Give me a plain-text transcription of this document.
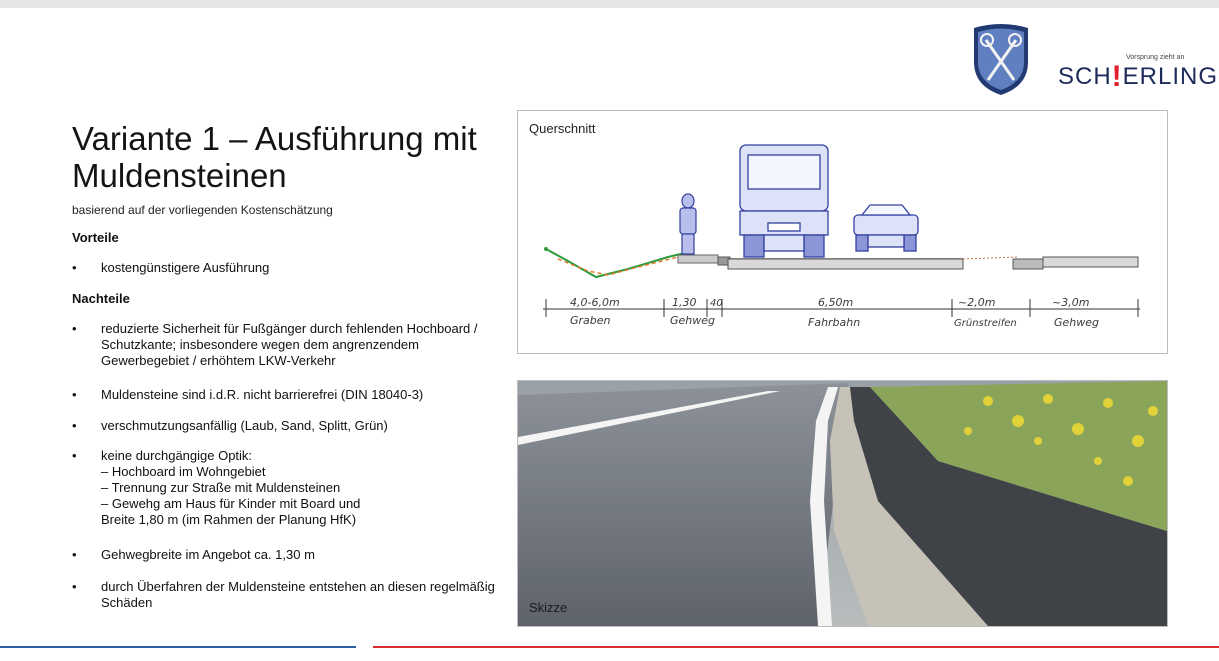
SCH!ERLING
Vorsprung zieht an
Variante 1 – Ausführung mit Muldensteinen
basierend auf der vorliegenden Kostenschätzung
Vorteile
• kostengünstigere Ausführung
Nachteile
• reduzierte Sicherheit für Fußgänger durch fehlenden Hochboard / Schutzkante; insbesondere wegen dem angrenzendem Gewerbegebiet / erhöhtem LKW-Verkehr
• Muldensteine sind i.d.R. nicht barrierefrei (DIN 18040-3)
• verschmutzungsanfällig (Laub, Sand, Splitt, Grün)
• keine durchgängige Optik:
– Hochboard im Wohngebiet
– Trennung zur Straße mit Muldensteinen
– Gewehg am Haus für Kinder mit Board und
Breite 1,80 m (im Rahmen der Planung HfK)
• Gehwegbreite im Angebot ca. 1,30 m
• durch Überfahren der Muldensteine entstehen an diesen regelmäßig Schäden
4,0-6,0m
Graben
1,30
Gehweg
40	6,50m
Fahrbahn
~2,0m
Grünstreifen
~3,0m
Gehweg
Querschnitt
Skizze
